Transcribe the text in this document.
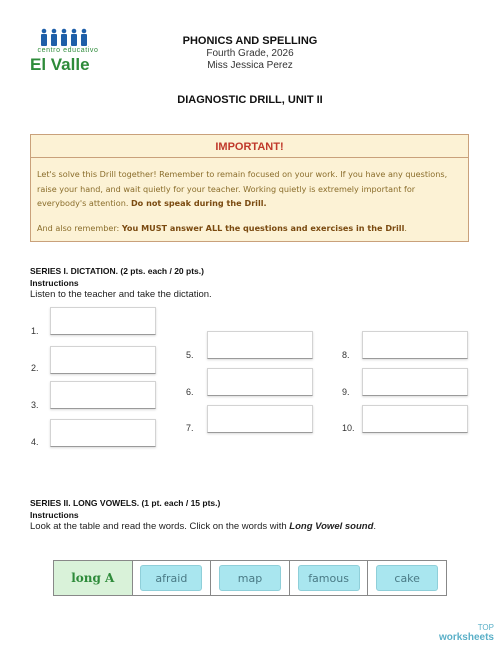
centro educativo
El Valle
PHONICS AND SPELLING
Fourth Grade, 2026
Miss Jessica Perez
DIAGNOSTIC DRILL, UNIT II
IMPORTANT!
Let's solve this Drill together! Remember to remain focused on your work. If you have any questions, raise your hand, and wait quietly for your teacher. Working quietly is extremely important for everybody's attention. Do not speak during the Drill.
And also remember: You MUST answer ALL the questions and exercises in the Drill.
SERIES I. DICTATION. (2 pts. each / 20 pts.)
Instructions
Listen to the teacher and take the dictation.
1.
2.
3.
4.
5.
6.
7.
8.
9.
10.
SERIES II. LONG VOWELS. (1 pt. each / 15 pts.)
Instructions
Look at the table and read the words. Click on the words with Long Vowel sound.
long A	afraid	map	famous	cake
TOP
worksheets
